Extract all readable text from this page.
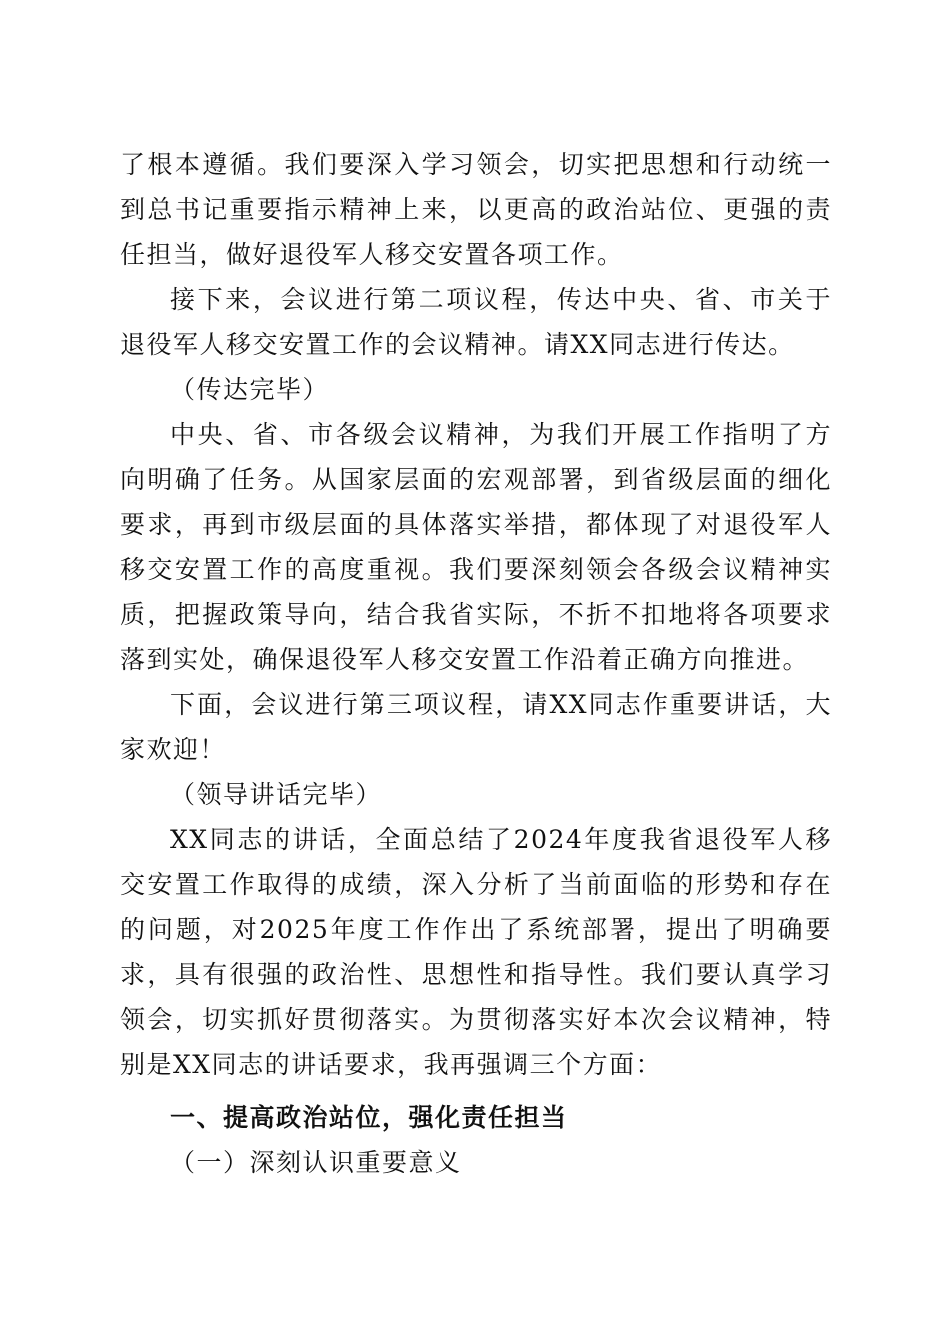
了根本遵循。我们要深入学习领会，切实把思想和行动统一到总书记重要指示精神上来，以更高的政治站位、更强的责任担当，做好退役军人移交安置各项工作。

接下来，会议进行第二项议程，传达中央、省、市关于退役军人移交安置工作的会议精神。请XX同志进行传达。

（传达完毕）

中央、省、市各级会议精神，为我们开展工作指明了方向明确了任务。从国家层面的宏观部署，到省级层面的细化要求，再到市级层面的具体落实举措，都体现了对退役军人移交安置工作的高度重视。我们要深刻领会各级会议精神实质，把握政策导向，结合我省实际，不折不扣地将各项要求落到实处，确保退役军人移交安置工作沿着正确方向推进。

下面，会议进行第三项议程，请XX同志作重要讲话，大家欢迎！

（领导讲话完毕）

XX同志的讲话，全面总结了2024年度我省退役军人移交安置工作取得的成绩，深入分析了当前面临的形势和存在的问题，对2025年度工作作出了系统部署，提出了明确要求，具有很强的政治性、思想性和指导性。我们要认真学习领会，切实抓好贯彻落实。为贯彻落实好本次会议精神，特别是XX同志的讲话要求，我再强调三个方面：

一、提高政治站位，强化责任担当

（一）深刻认识重要意义
